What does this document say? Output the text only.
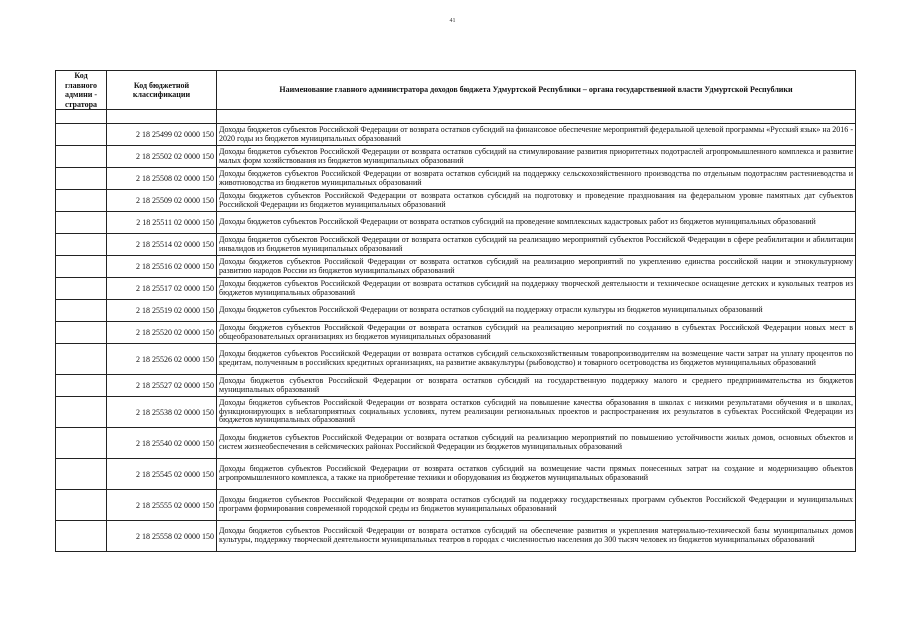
41
Код главного админи - стратора	Код бюджетной классификации	Наименование главного администратора доходов бюджета Удмуртской Республики – органа государственной власти Удмуртской Республики

	2 18 25499 02 0000 150	Доходы бюджетов субъектов Российской Федерации от возврата остатков субсидий на финансовое обеспечение мероприятий федеральной целевой программы «Русский язык» на 2016 - 2020 годы из бюджетов муниципальных образований
	2 18 25502 02 0000 150	Доходы бюджетов субъектов Российской Федерации от возврата остатков субсидий на стимулирование развития приоритетных подотраслей агропромышленного комплекса и развитие малых форм хозяйствования из бюджетов муниципальных образований
	2 18 25508 02 0000 150	Доходы бюджетов субъектов Российской Федерации от возврата остатков субсидий на поддержку сельскохозяйственного производства по отдельным подотраслям растениеводства и животноводства из бюджетов муниципальных образований
	2 18 25509 02 0000 150	Доходы бюджетов субъектов Российской Федерации от возврата остатков субсидий на подготовку и проведение празднования на федеральном уровне памятных дат субъектов Российской Федерации из бюджетов муниципальных образований
	2 18 25511 02 0000 150	Доходы бюджетов субъектов Российской Федерации от возврата остатков субсидий на проведение комплексных кадастровых работ из бюджетов муниципальных образований
	2 18 25514 02 0000 150	Доходы бюджетов субъектов Российской Федерации от возврата остатков субсидий на реализацию мероприятий субъектов Российской Федерации в сфере реабилитации и абилитации инвалидов из бюджетов муниципальных образований
	2 18 25516 02 0000 150	Доходы бюджетов субъектов Российской Федерации от возврата остатков субсидий на реализацию мероприятий по укреплению единства российской нации и этнокультурному развитию народов России из бюджетов муниципальных образований
	2 18 25517 02 0000 150	Доходы бюджетов субъектов Российской Федерации от возврата остатков субсидий на поддержку творческой деятельности и техническое оснащение детских и кукольных театров из бюджетов муниципальных образований
	2 18 25519 02 0000 150	Доходы бюджетов субъектов Российской Федерации от возврата остатков субсидий на поддержку отрасли культуры из бюджетов муниципальных образований
	2 18 25520 02 0000 150	Доходы бюджетов субъектов Российской Федерации от возврата остатков субсидий на реализацию мероприятий по созданию в субъектах Российской Федерации новых мест в общеобразовательных организациях из бюджетов муниципальных образований
	2 18 25526 02 0000 150	Доходы бюджетов субъектов Российской Федерации от возврата остатков субсидий сельскохозяйственным товаропроизводителям на возмещение части затрат на уплату процентов по кредитам, полученным в российских кредитных организациях, на развитие аквакультуры (рыбоводство) и товарного осетроводства из бюджетов муниципальных образований
	2 18 25527 02 0000 150	Доходы бюджетов субъектов Российской Федерации от возврата остатков субсидий на государственную поддержку малого и среднего предпринимательства из бюджетов муниципальных образований
	2 18 25538 02 0000 150	Доходы бюджетов субъектов Российской Федерации от возврата остатков субсидий на повышение качества образования в школах с низкими результатами обучения и в школах, функционирующих в неблагоприятных социальных условиях, путем реализации региональных проектов и распространения их результатов в субъектах Российской Федерации из бюджетов муниципальных образований
	2 18 25540 02 0000 150	Доходы бюджетов субъектов Российской Федерации от возврата остатков субсидий на реализацию мероприятий по повышению устойчивости жилых домов, основных объектов и систем жизнеобеспечения в сейсмических районах Российской Федерации из бюджетов муниципальных образований
	2 18 25545 02 0000 150	Доходы бюджетов субъектов Российской Федерации от возврата остатков субсидий на возмещение части прямых понесенных затрат на создание и модернизацию объектов агропромышленного комплекса, а также на приобретение техники и оборудования из бюджетов муниципальных образований
	2 18 25555 02 0000 150	Доходы бюджетов субъектов Российской Федерации от возврата остатков субсидий на поддержку государственных программ субъектов Российской Федерации и муниципальных программ формирования современной городской среды из бюджетов муниципальных образований
	2 18 25558 02 0000 150	Доходы бюджетов субъектов Российской Федерации от возврата остатков субсидий на обеспечение развития и укрепления материально-технической базы муниципальных домов культуры, поддержку творческой деятельности муниципальных театров в городах с численностью населения до 300 тысяч человек из бюджетов муниципальных образований
